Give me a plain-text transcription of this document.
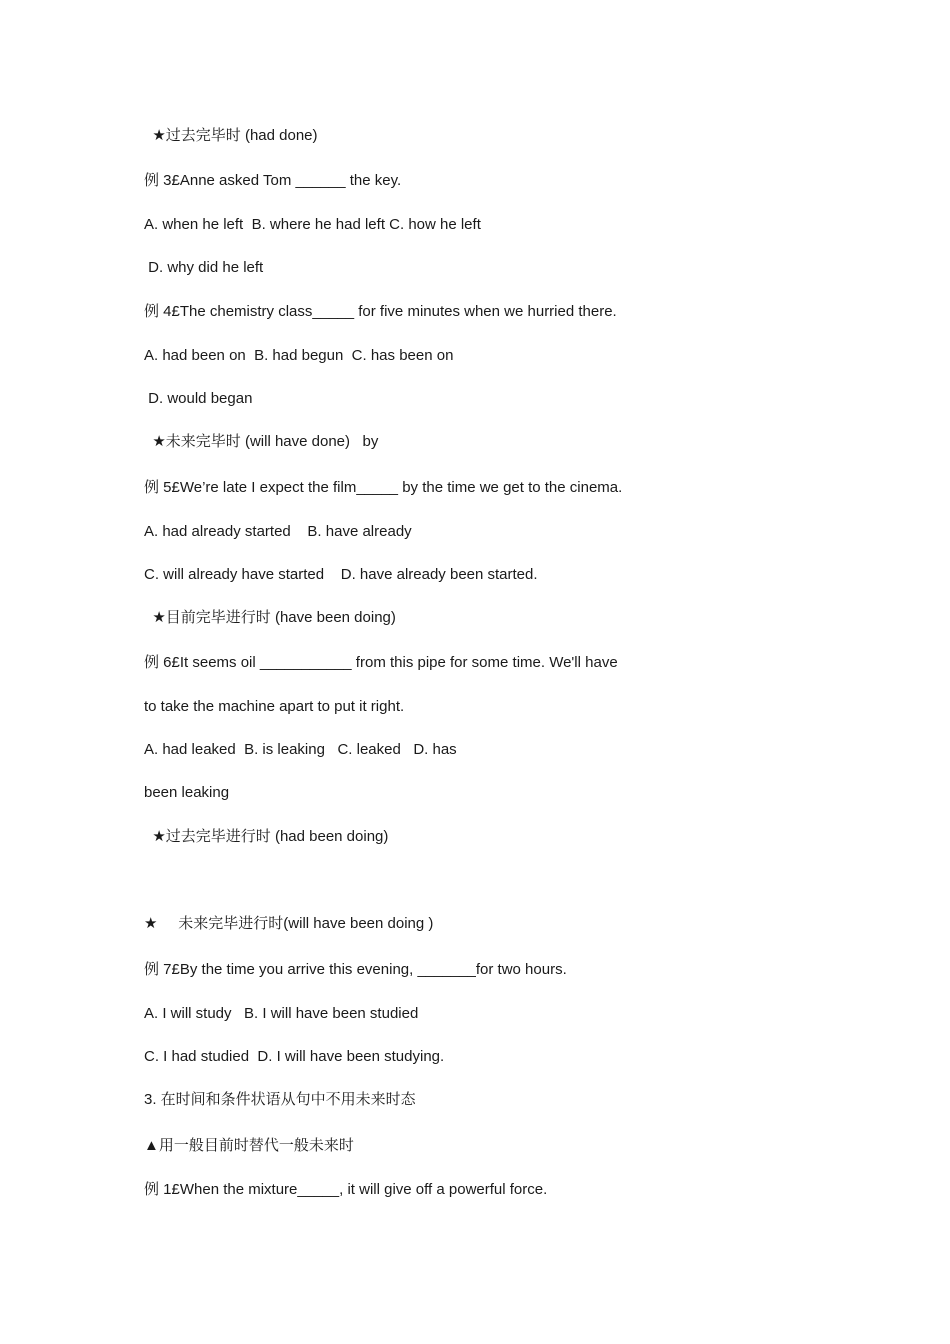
★过去完毕时 (had done)
例 3£Anne asked Tom ______ the key.
A. when he left  B. where he had left C. how he left
D. why did he left
例 4£The chemistry class_____ for five minutes when we hurried there.
A. had been on  B. had begun  C. has been on
D. would began
★未来完毕时 (will have done)   by
例 5£We’re late I expect the film_____ by the time we get to the cinema.
A. had already started    B. have already
C. will already have started    D. have already been started.
★目前完毕进行时 (have been doing)
例 6£It seems oil ___________ from this pipe for some time. We'll have
to take the machine apart to put it right.
A. had leaked  B. is leaking   C. leaked   D. has
been leaking
★过去完毕进行时 (had been doing)
★     未来完毕进行时(will have been doing )
例 7£By the time you arrive this evening, _______for two hours.
A. I will study   B. I will have been studied
C. I had studied  D. I will have been studying.
3. 在时间和条件状语从句中不用未来时态
▲用一般目前时替代一般未来时
例 1£When the mixture_____, it will give off a powerful force.
